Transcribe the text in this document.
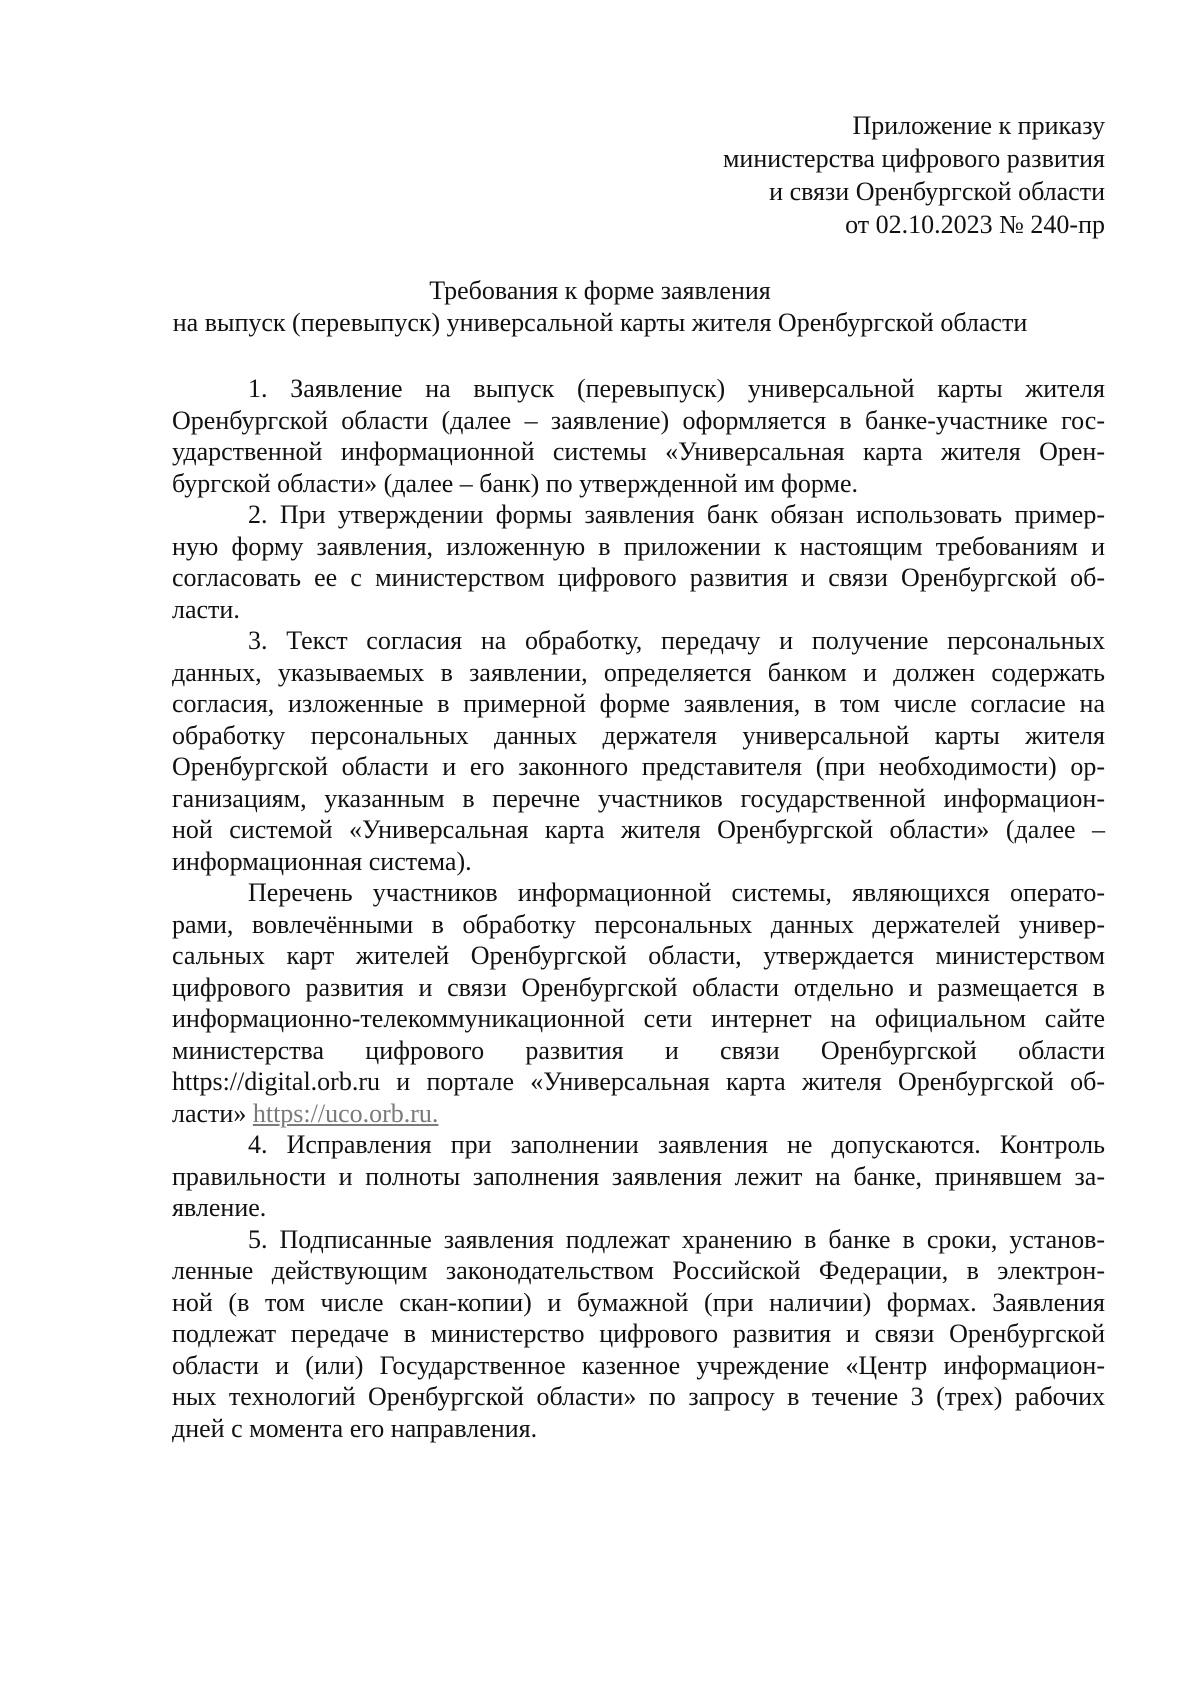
Приложение к приказу
министерства цифрового развития
и связи Оренбургской области
от 02.10.2023 № 240-пр
Требования к форме заявления
на выпуск (перевыпуск) универсальной карты жителя Оренбургской области
1. Заявление на выпуск (перевыпуск) универсальной карты жителя
Оренбургской области (далее – заявление) оформляется в банке-участнике гос-
ударственной информационной системы «Универсальная карта жителя Орен-
бургской области» (далее – банк) по утвержденной им форме.
2. При утверждении формы заявления банк обязан использовать пример-
ную форму заявления, изложенную в приложении к настоящим требованиям и
согласовать ее с министерством цифрового развития и связи Оренбургской об-
ласти.
3. Текст согласия на обработку, передачу и получение персональных
данных, указываемых в заявлении, определяется банком и должен содержать
согласия, изложенные в примерной форме заявления, в том числе согласие на
обработку персональных данных держателя универсальной карты жителя
Оренбургской области и его законного представителя (при необходимости) ор-
ганизациям, указанным в перечне участников государственной информацион-
ной системой «Универсальная карта жителя Оренбургской области» (далее –
информационная система).
Перечень участников информационной системы, являющихся операто-
рами, вовлечёнными в обработку персональных данных держателей универ-
сальных карт жителей Оренбургской области, утверждается министерством
цифрового развития и связи Оренбургской области отдельно и размещается в
информационно-телекоммуникационной сети интернет на официальном сайте
министерства цифрового развития и связи Оренбургской области
https://digital.orb.ru и портале «Универсальная карта жителя Оренбургской об-
ласти» https://uco.orb.ru.
4. Исправления при заполнении заявления не допускаются. Контроль
правильности и полноты заполнения заявления лежит на банке, принявшем за-
явление.
5. Подписанные заявления подлежат хранению в банке в сроки, установ-
ленные действующим законодательством Российской Федерации, в электрон-
ной (в том числе скан-копии) и бумажной (при наличии) формах. Заявления
подлежат передаче в министерство цифрового развития и связи Оренбургской
области и (или) Государственное казенное учреждение «Центр информацион-
ных технологий Оренбургской области» по запросу в течение 3 (трех) рабочих
дней с момента его направления.
